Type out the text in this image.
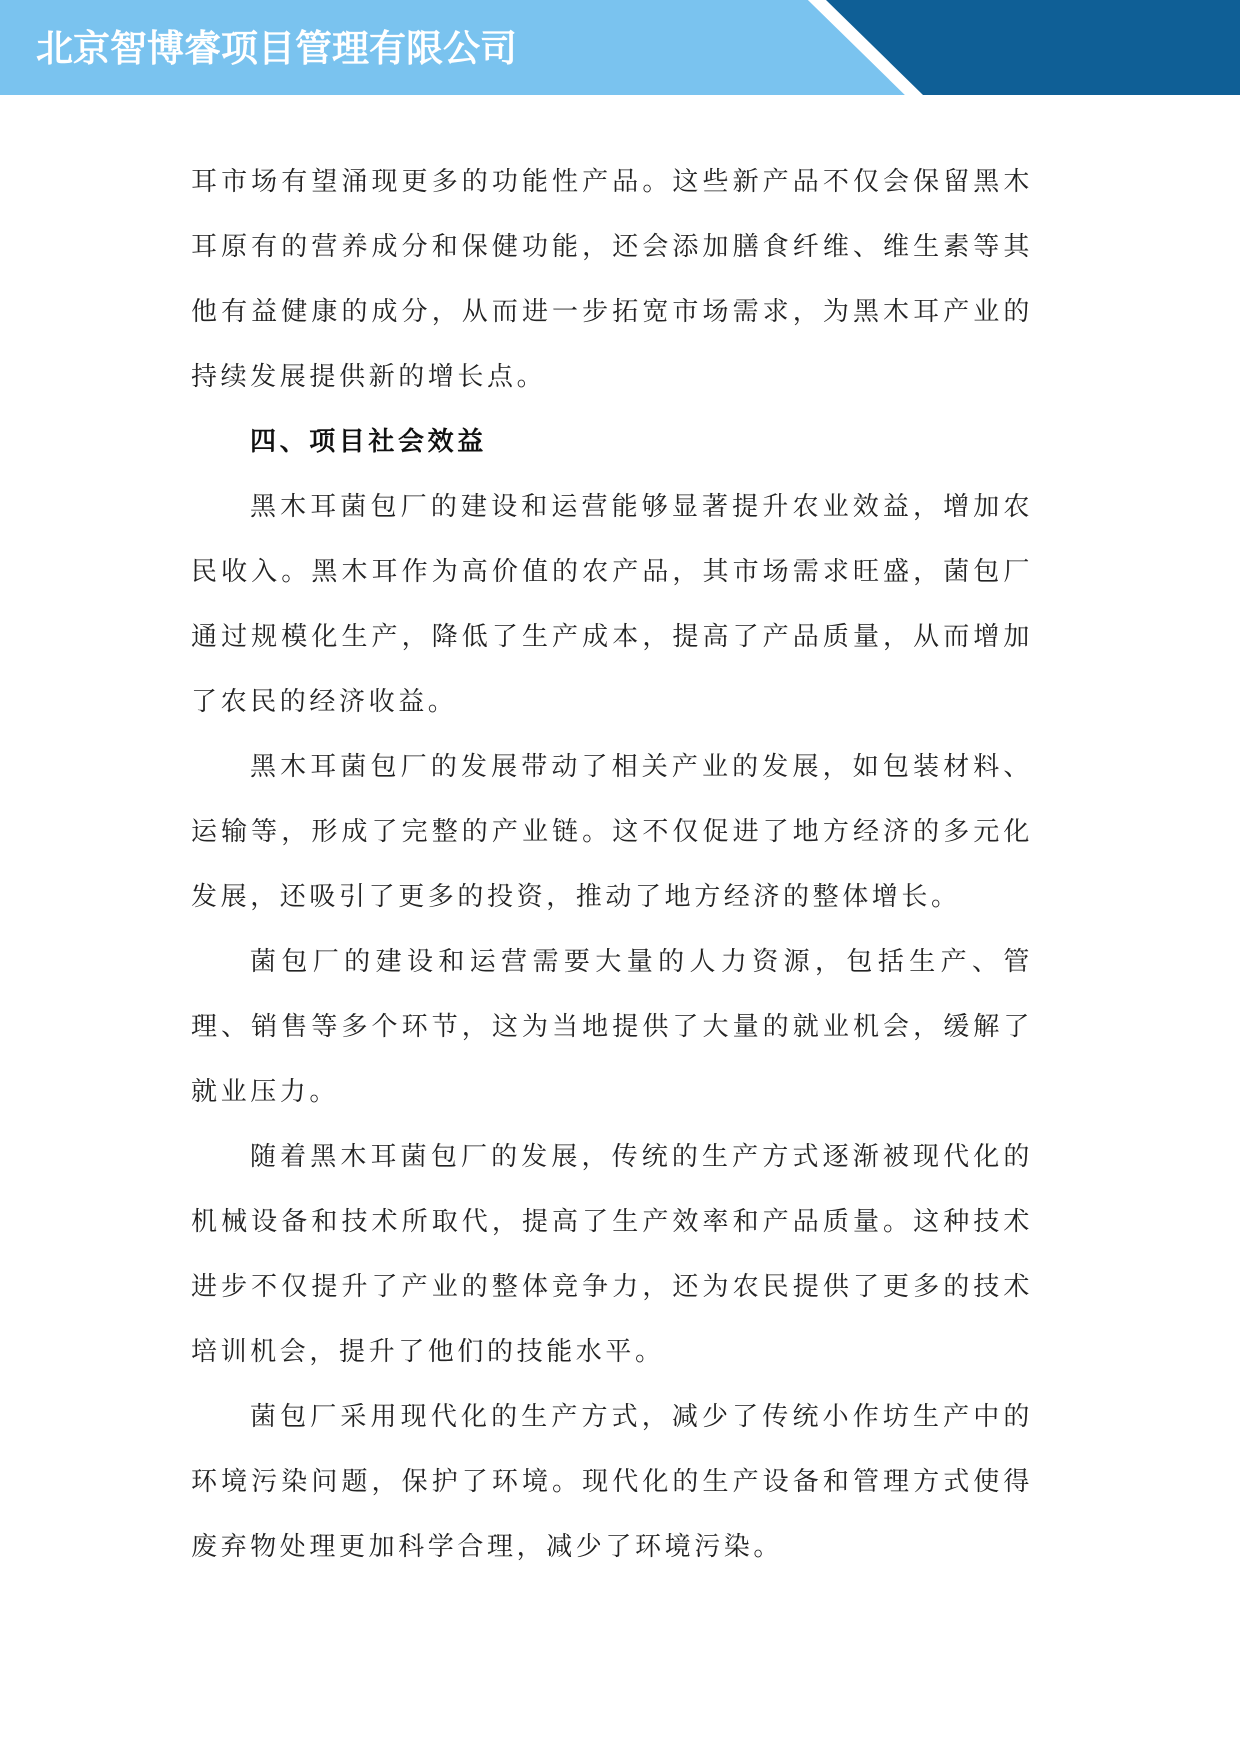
北京智博睿项目管理有限公司

耳市场有望涌现更多的功能性产品。这些新产品不仅会保留黑木耳原有的营养成分和保健功能，还会添加膳食纤维、维生素等其他有益健康的成分，从而进一步拓宽市场需求，为黑木耳产业的持续发展提供新的增长点。

四、项目社会效益

黑木耳菌包厂的建设和运营能够显著提升农业效益，增加农民收入。黑木耳作为高价值的农产品，其市场需求旺盛，菌包厂通过规模化生产，降低了生产成本，提高了产品质量，从而增加了农民的经济收益。

黑木耳菌包厂的发展带动了相关产业的发展，如包装材料、运输等，形成了完整的产业链。这不仅促进了地方经济的多元化发展，还吸引了更多的投资，推动了地方经济的整体增长。

菌包厂的建设和运营需要大量的人力资源，包括生产、管理、销售等多个环节，这为当地提供了大量的就业机会，缓解了就业压力。

随着黑木耳菌包厂的发展，传统的生产方式逐渐被现代化的机械设备和技术所取代，提高了生产效率和产品质量。这种技术进步不仅提升了产业的整体竞争力，还为农民提供了更多的技术培训机会，提升了他们的技能水平。

菌包厂采用现代化的生产方式，减少了传统小作坊生产中的环境污染问题，保护了环境。现代化的生产设备和管理方式使得废弃物处理更加科学合理，减少了环境污染。
